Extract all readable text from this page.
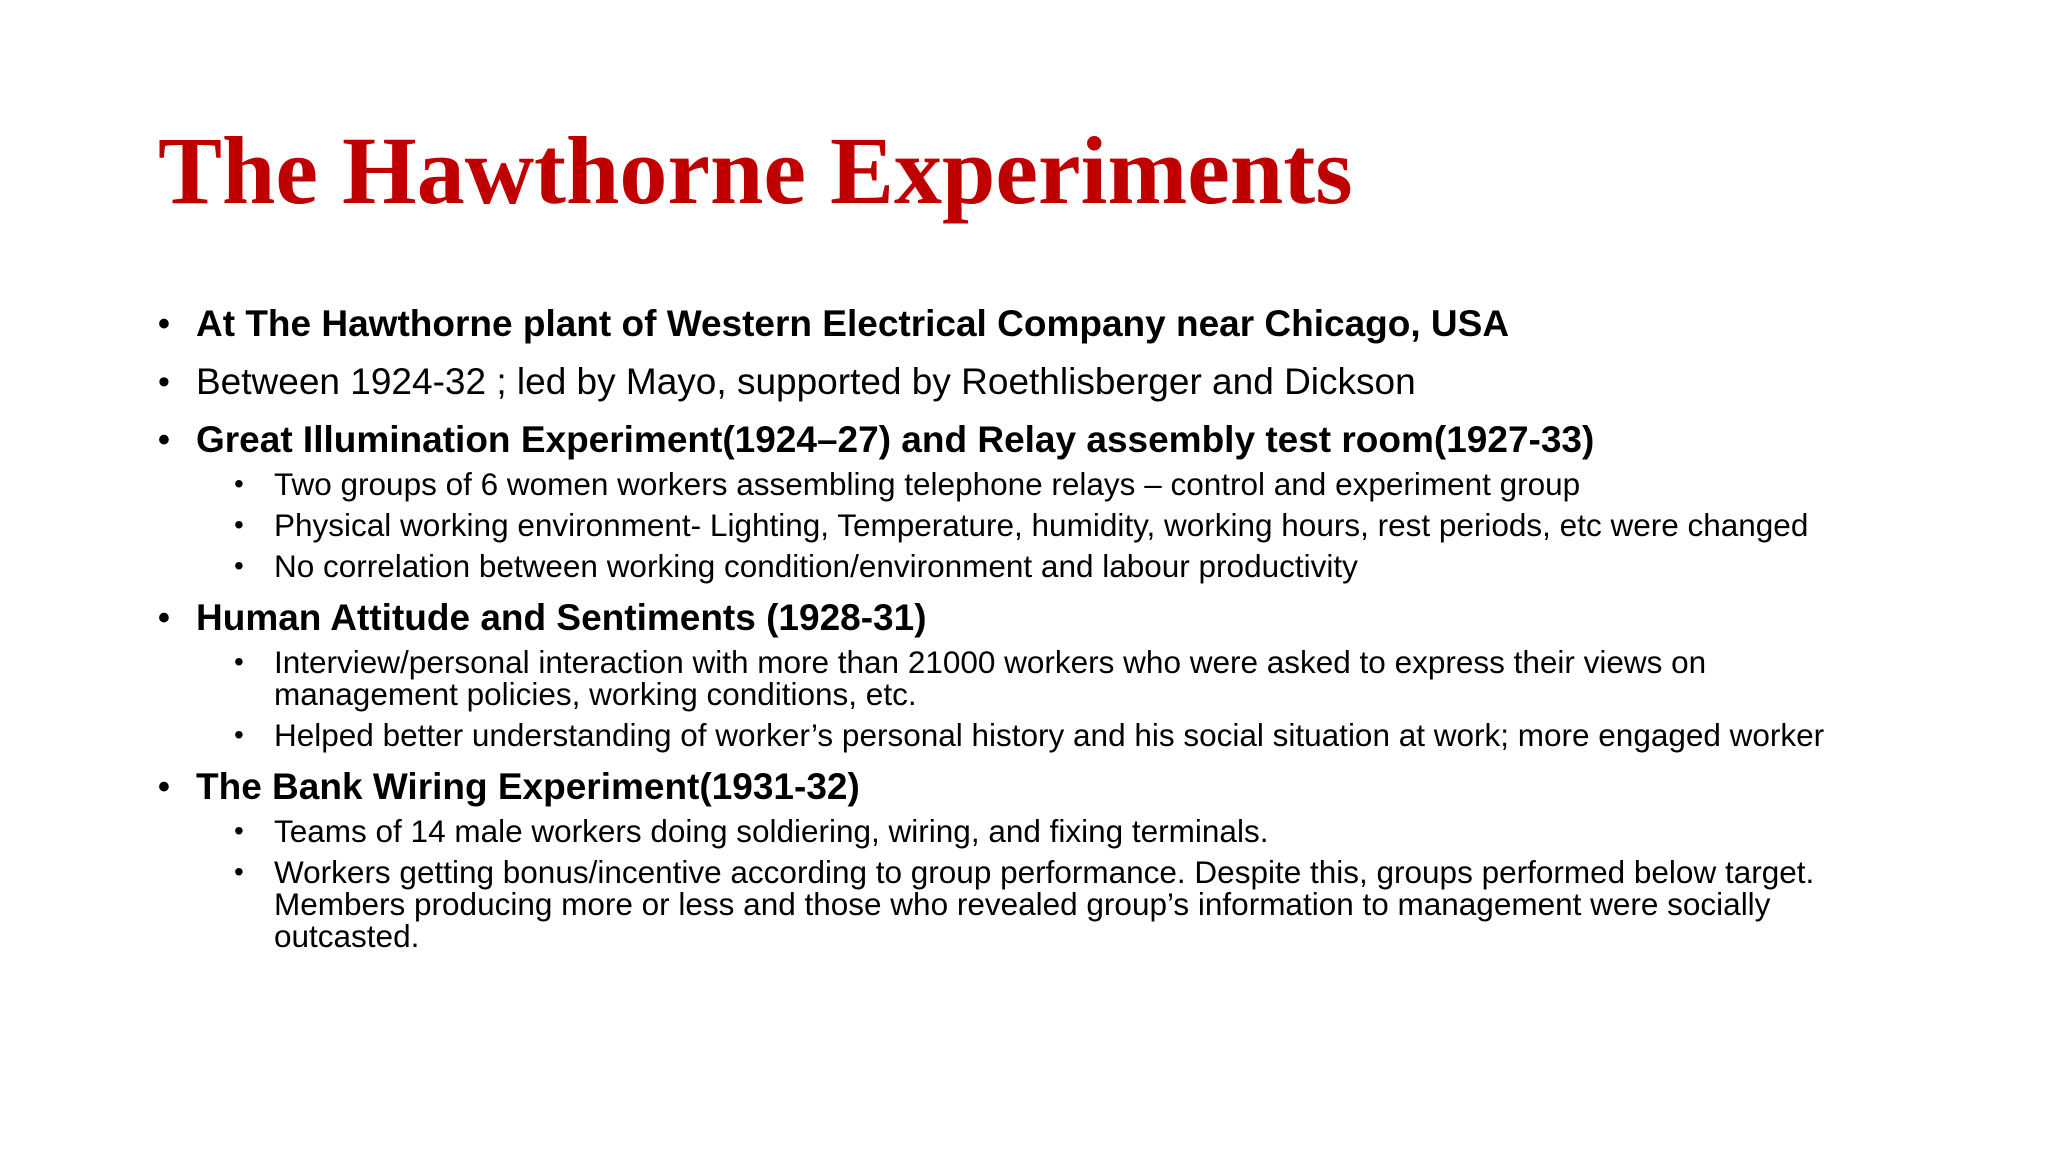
The Hawthorne Experiments
• At The Hawthorne plant of Western Electrical Company near Chicago, USA
• Between 1924-32 ; led by Mayo, supported by Roethlisberger and Dickson
• Great Illumination Experiment(1924–27) and Relay assembly test room(1927-33)
• Two groups of 6 women workers assembling telephone relays – control and experiment group
• Physical working environment- Lighting, Temperature, humidity, working hours, rest periods, etc were changed
• No correlation between working condition/environment and labour productivity
• Human Attitude and Sentiments (1928-31)
• Interview/personal interaction with more than 21000 workers who were asked to express their views on management policies, working conditions, etc.
• Helped better understanding of worker’s personal history and his social situation at work; more engaged worker
• The Bank Wiring Experiment(1931-32)
• Teams of 14 male workers doing soldiering, wiring, and fixing terminals.
• Workers getting bonus/incentive according to group performance. Despite this, groups performed below target. Members producing more or less and those who revealed group’s information to management were socially outcasted.
